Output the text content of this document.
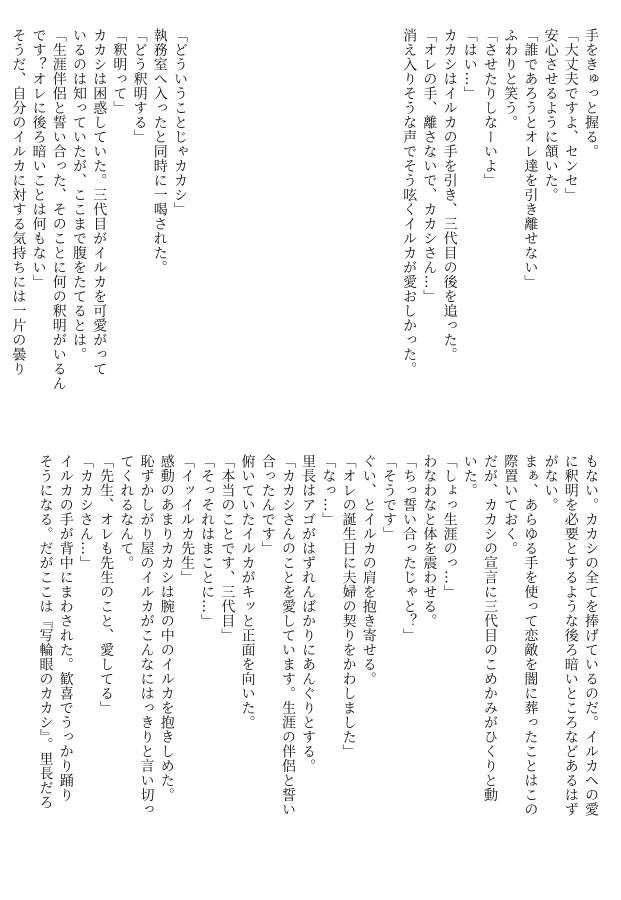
手をきゅっと握る。
「大丈夫ですよ、センセ」
安心させるように頷いた。
「誰であろうとオレ達を引き離せない」
ふわりと笑う。
「させたりしなーいよ」
「はい…」
カカシはイルカの手を引き、三代目の後を追った。
「オレの手、離さないで、カカシさん…」
消え入りそうな声でそう呟くイルカが愛おしかった。
「どういうことじゃカカシ」
執務室へ入ったと同時に一喝された。
「どう釈明する」
「釈明って」
カカシは困惑していた。三代目がイルカを可愛がって
いるのは知っていたが、ここまで腹をたてるとは。
「生涯伴侶と誓い合った、そのことに何の釈明がいるん
です？オレに後ろ暗いことは何もない」
そうだ、自分のイルカに対する気持ちには一片の曇り
もない。カカシの全てを捧げているのだ。イルカへの愛
に釈明を必要とするような後ろ暗いところなどあるはず
がない。
まぁ、あらゆる手を使って恋敵を闇に葬ったことはこの
際置いておく。
だが、カカシの宣言に三代目のこめかみがひくりと動
いた。
「しょっ生涯のっ…」
わなわなと体を震わせる。
「ちっ誓い合ったじゃと？」
「そうです」
ぐい、とイルカの肩を抱き寄せる。
「オレの誕生日に夫婦の契りをかわしました」
「なっ…」
里長はアゴがはずれんばかりにあんぐりとする。
「カカシさんのことを愛しています。生涯の伴侶と誓い
合ったんです」
俯いていたイルカがキッと正面を向いた。
「本当のことです、三代目」
「そっそれはまことに…」
「イッイルカ先生」
感動のあまりカカシは腕の中のイルカを抱きしめた。
恥ずかしがり屋のイルカがこんなにはっきりと言い切っ
てくれるなんて。
「先生、オレも先生のこと、愛してる」
「カカシさん…」
イルカの手が背中にまわされた。歓喜でうっかり踊り
そうになる。だがここは『写輪眼のカカシ』。里長だろ
